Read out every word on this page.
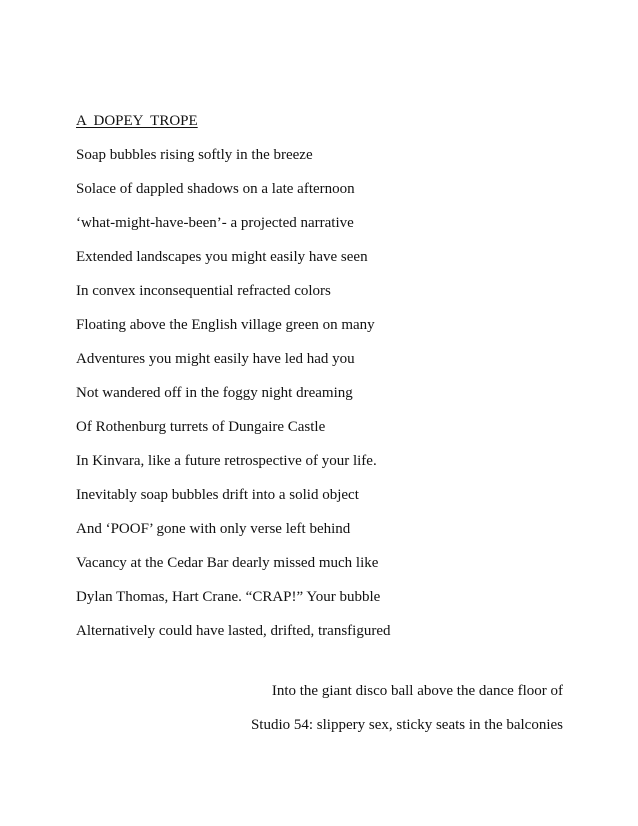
A  DOPEY  TROPE
Soap bubbles rising softly in the breeze
Solace of dappled shadows on a late afternoon
‘what-might-have-been’- a projected narrative
Extended landscapes you might easily have seen
In convex inconsequential refracted colors
Floating above the English village green on many
Adventures you might easily have led had you
Not wandered off in the foggy night dreaming
Of Rothenburg turrets of Dungaire Castle
In Kinvara, like a future retrospective of your life.
Inevitably soap bubbles drift into a solid object
And ‘POOF’ gone with only verse left behind
Vacancy at the Cedar Bar dearly missed much like
Dylan Thomas, Hart Crane. “CRAP!” Your bubble
Alternatively could have lasted, drifted, transfigured
Into the giant disco ball above the dance floor of
Studio 54: slippery sex, sticky seats in the balconies
